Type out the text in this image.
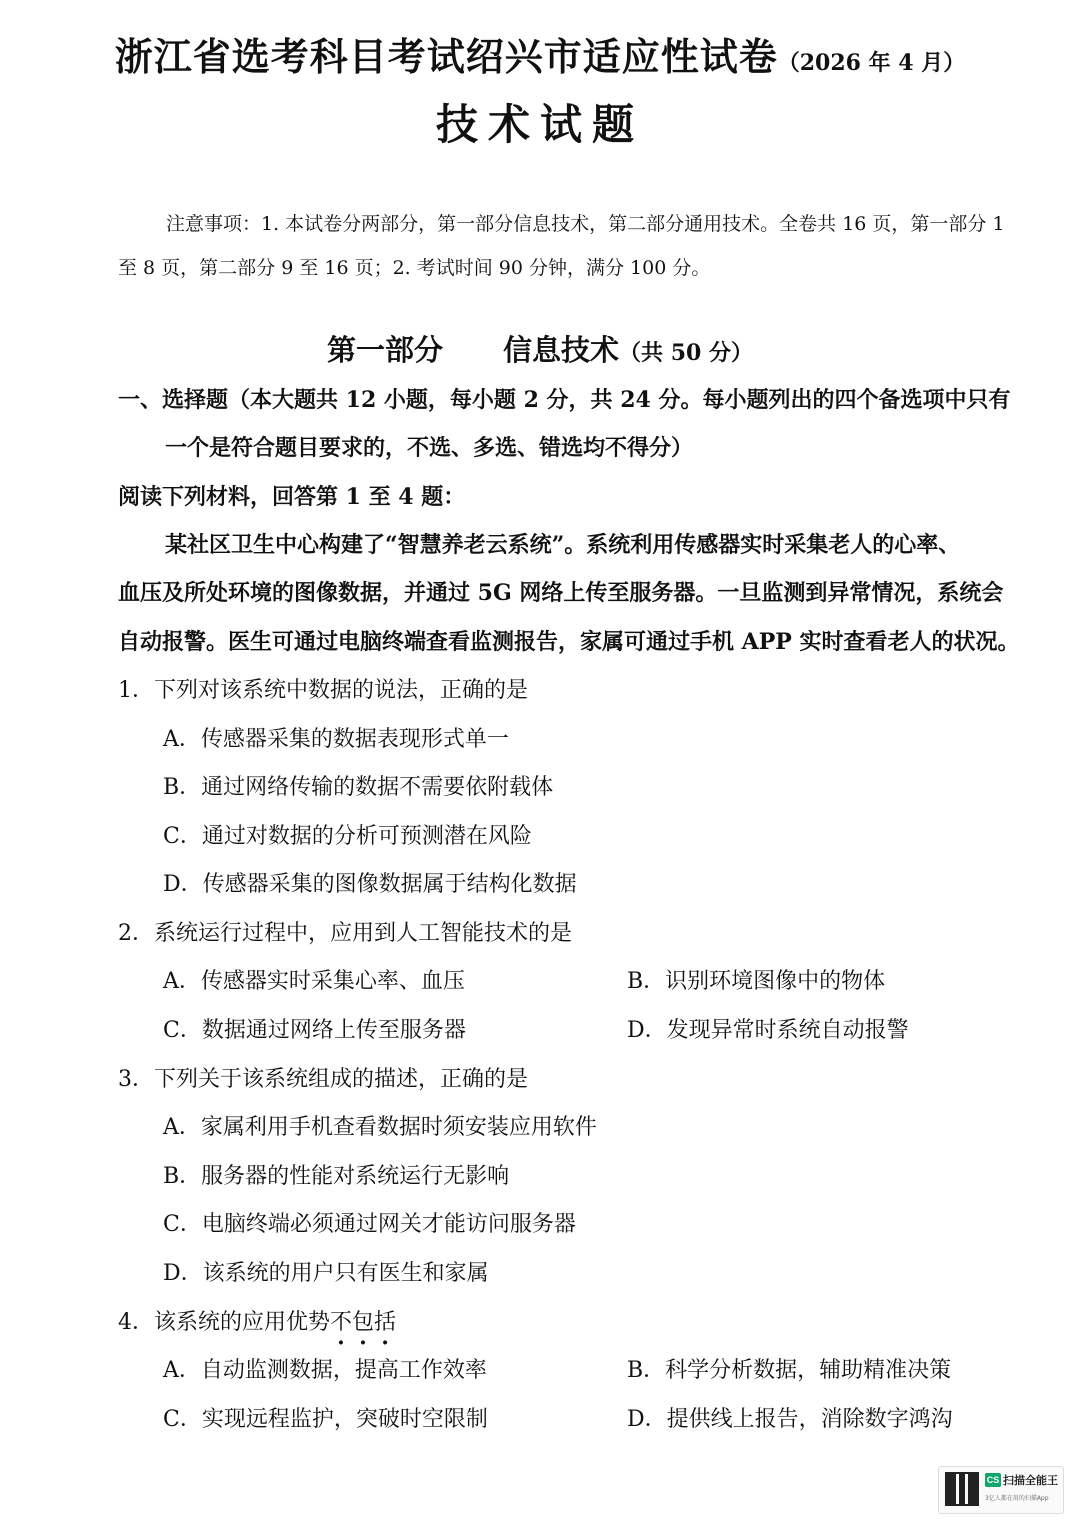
浙江省选考科目考试绍兴市适应性试卷（2026 年 4 月）
技术试题
注意事项：1. 本试卷分两部分，第一部分信息技术，第二部分通用技术。全卷共 16 页，第一部分 1
至 8 页，第二部分 9 至 16 页；2. 考试时间 90 分钟，满分 100 分。
第一部分 信息技术（共 50 分）
一、选择题（本大题共 12 小题，每小题 2 分，共 24 分。每小题列出的四个备选项中只有
一个是符合题目要求的，不选、多选、错选均不得分）
阅读下列材料，回答第 1 至 4 题：
某社区卫生中心构建了“智慧养老云系统”。系统利用传感器实时采集老人的心率、
血压及所处环境的图像数据，并通过 5G 网络上传至服务器。一旦监测到异常情况，系统会
自动报警。医生可通过电脑终端查看监测报告，家属可通过手机 APP 实时查看老人的状况。
1．下列对该系统中数据的说法，正确的是
A．传感器采集的数据表现形式单一
B．通过网络传输的数据不需要依附载体
C．通过对数据的分析可预测潜在风险
D．传感器采集的图像数据属于结构化数据
2．系统运行过程中，应用到人工智能技术的是
A．传感器实时采集心率、血压	B．识别环境图像中的物体
C．数据通过网络上传至服务器	D．发现异常时系统自动报警
3．下列关于该系统组成的描述，正确的是
A．家属利用手机查看数据时须安装应用软件
B．服务器的性能对系统运行无影响
C．电脑终端必须通过网关才能访问服务器
D．该系统的用户只有医生和家属
4．该系统的应用优势不包括
A．自动监测数据，提高工作效率	B．科学分析数据，辅助精准决策
C．实现远程监护，突破时空限制	D．提供线上报告，消除数字鸿沟
CS 扫描全能王
3亿人都在用的扫描App
